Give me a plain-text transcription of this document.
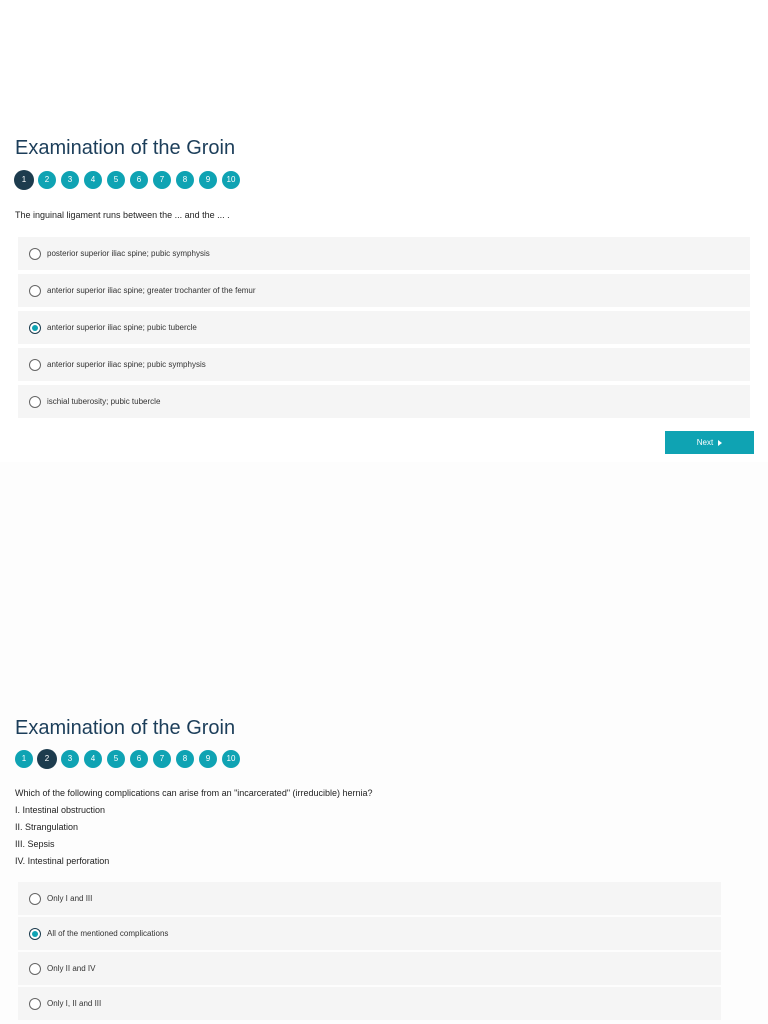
Examination of the Groin
1	2	3	4	5	6	7	8	9	10

The inguinal ligament runs between the ... and the ... .

posterior superior iliac spine; pubic symphysis
anterior superior iliac spine; greater trochanter of the femur
anterior superior iliac spine; pubic tubercle
anterior superior iliac spine; pubic symphysis
ischial tuberosity; pubic tubercle
Next
Examination of the Groin
1	2	3	4	5	6	7	8	9	10
Which of the following complications can arise from an "incarcerated" (irreducible) hernia?
I. Intestinal obstruction
II. Strangulation
III. Sepsis
IV. Intestinal perforation
Only I and III
All of the mentioned complications
Only II and IV
Only I, II and III
